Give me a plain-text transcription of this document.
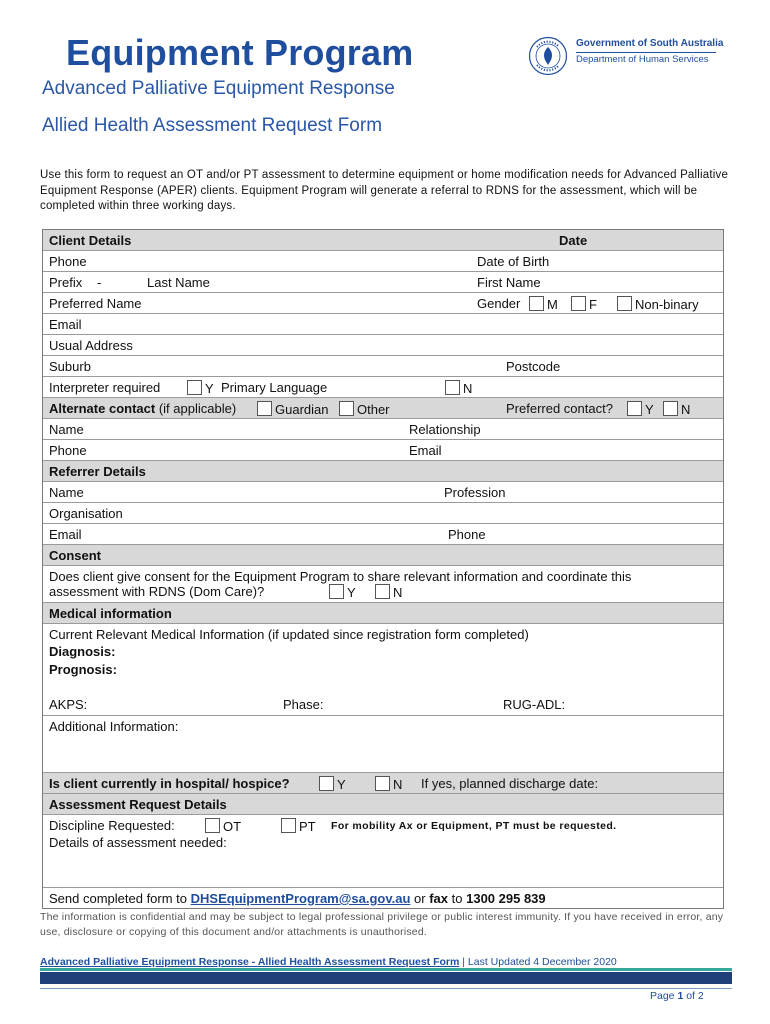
Equipment Program
Advanced Palliative Equipment Response
Allied Health Assessment Request Form
Government of South Australia
Department of Human Services
Use this form to request an OT and/or PT assessment to determine equipment or home modification needs for Advanced Palliative Equipment Response (APER) clients. Equipment Program will generate a referral to RDNS for the assessment, which will be completed within three working days.
Client Details	Date
Phone	Date of Birth
Prefix -	Last Name	First Name
Preferred Name	Gender	M	F	Non-binary
Email
Usual Address
Suburb	Postcode
Interpreter required	Y Primary Language	N
Alternate contact (if applicable)	Guardian	Other	Preferred contact?	Y	N
Name	Relationship
Phone	Email
Referrer Details
Name	Profession
Organisation
Email	Phone
Consent
Does client give consent for the Equipment Program to share relevant information and coordinate this
assessment with RDNS (Dom Care)?	Y	N
Medical information
Current Relevant Medical Information (if updated since registration form completed)
Diagnosis:
Prognosis:
AKPS:	Phase:	RUG-ADL:
Additional Information:
Is client currently in hospital/ hospice?	Y	N If yes, planned discharge date:
Assessment Request Details
Discipline Requested:	OT	PT For mobility Ax or Equipment, PT must be requested.
Details of assessment needed:
Send completed form to DHSEquipmentProgram@sa.gov.au or fax to 1300 295 839
The information is confidential and may be subject to legal professional privilege or public interest immunity. If you have received in error, any use, disclosure or copying of this document and/or attachments is unauthorised.
Advanced Palliative Equipment Response - Allied Health Assessment Request Form | Last Updated 4 December 2020
Page 1 of 2
